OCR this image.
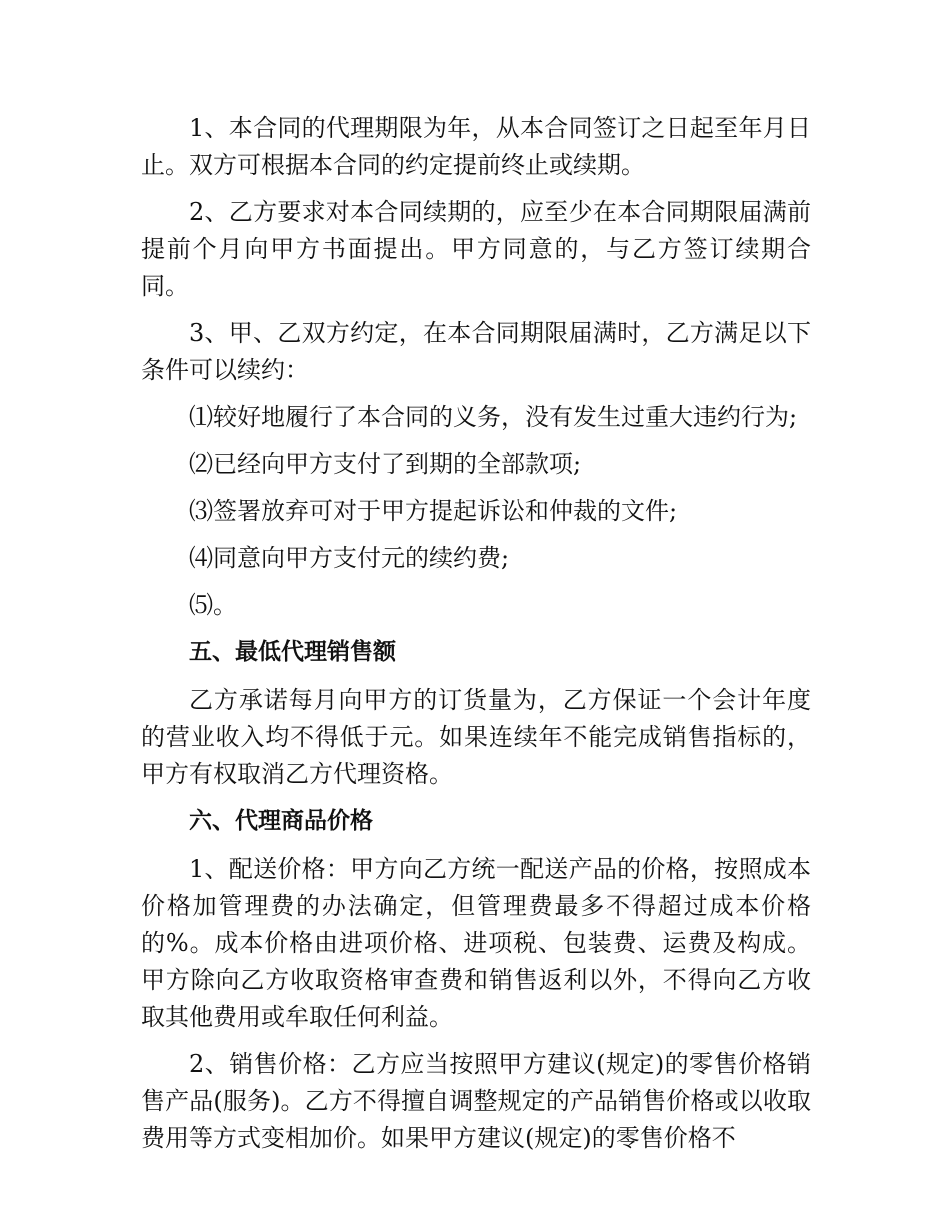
1、本合同的代理期限为年，从本合同签订之日起至年月日止。双方可根据本合同的约定提前终止或续期。

2、乙方要求对本合同续期的，应至少在本合同期限届满前提前个月向甲方书面提出。甲方同意的，与乙方签订续期合同。

3、甲、乙双方约定，在本合同期限届满时，乙方满足以下条件可以续约：

⑴较好地履行了本合同的义务，没有发生过重大违约行为;

⑵已经向甲方支付了到期的全部款项;

⑶签署放弃可对于甲方提起诉讼和仲裁的文件;

⑷同意向甲方支付元的续约费;

⑸。

五、最低代理销售额

乙方承诺每月向甲方的订货量为，乙方保证一个会计年度的营业收入均不得低于元。如果连续年不能完成销售指标的，甲方有权取消乙方代理资格。

六、代理商品价格

1、配送价格：甲方向乙方统一配送产品的价格，按照成本价格加管理费的办法确定，但管理费最多不得超过成本价格的%。成本价格由进项价格、进项税、包装费、运费及构成。甲方除向乙方收取资格审查费和销售返利以外，不得向乙方收取其他费用或牟取任何利益。

2、销售价格：乙方应当按照甲方建议(规定)的零售价格销售产品(服务)。乙方不得擅自调整规定的产品销售价格或以收取费用等方式变相加价。如果甲方建议(规定)的零售价格不
